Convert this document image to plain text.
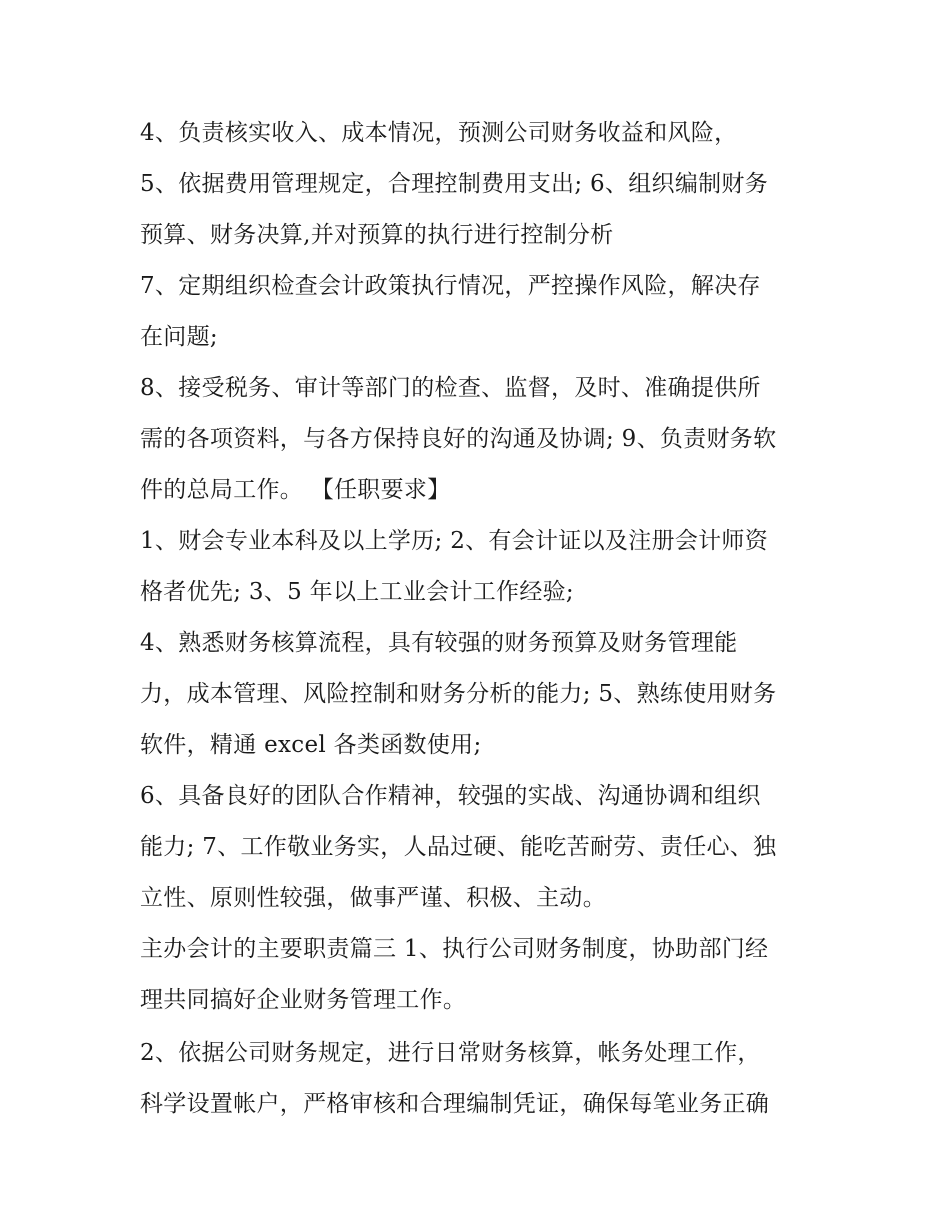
4、负责核实收入、成本情况，预测公司财务收益和风险，
5、依据费用管理规定，合理控制费用支出; 6、组织编制财务
预算、财务决算,并对预算的执行进行控制分析
7、定期组织检查会计政策执行情况，严控操作风险，解决存
在问题;
8、接受税务、审计等部门的检查、监督，及时、准确提供所
需的各项资料，与各方保持良好的沟通及协调; 9、负责财务软
件的总局工作。 【任职要求】
1、财会专业本科及以上学历; 2、有会计证以及注册会计师资
格者优先; 3、5 年以上工业会计工作经验;
4、熟悉财务核算流程，具有较强的财务预算及财务管理能
力，成本管理、风险控制和财务分析的能力; 5、熟练使用财务
软件，精通 excel 各类函数使用;
6、具备良好的团队合作精神，较强的实战、沟通协调和组织
能力; 7、工作敬业务实，人品过硬、能吃苦耐劳、责任心、独
立性、原则性较强，做事严谨、积极、主动。
主办会计的主要职责篇三 1、执行公司财务制度，协助部门经
理共同搞好企业财务管理工作。
2、依据公司财务规定，进行日常财务核算，帐务处理工作，
科学设置帐户，严格审核和合理编制凭证，确保每笔业务正确
